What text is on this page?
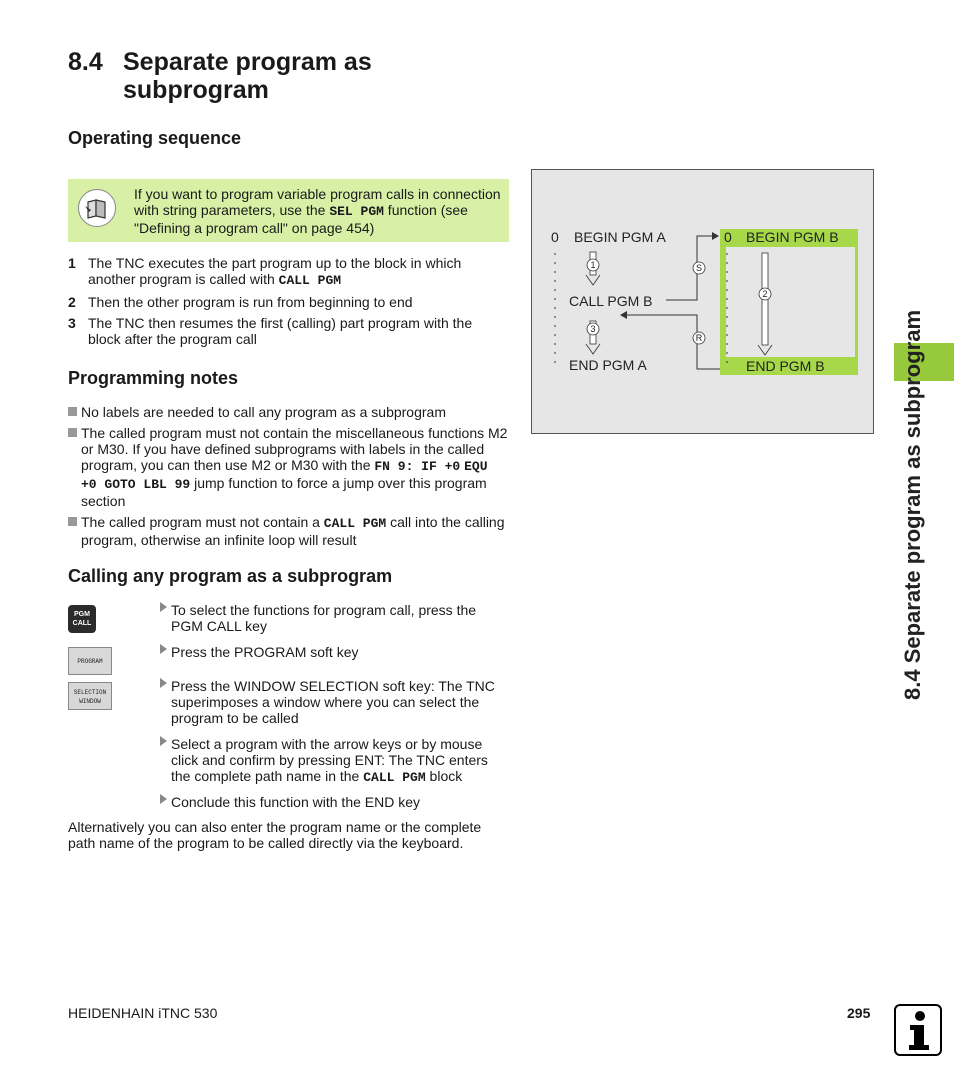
8.4 Separate program as
subprogram
Operating sequence
If you want to program variable program calls in connection with string parameters, use the SEL PGM function (see "Defining a program call" on page 454)
1 The TNC executes the part program up to the block in which another program is called with CALL PGM
2 Then the other program is run from beginning to end
3 The TNC then resumes the first (calling) part program with the block after the program call
Programming notes
No labels are needed to call any program as a subprogram
The called program must not contain the miscellaneous functions M2 or M30. If you have defined subprograms with labels in the called program, you can then use M2 or M30 with the FN 9: IF +0 EQU +0 GOTO LBL 99 jump function to force a jump over this program section
The called program must not contain a CALL PGM call into the calling program, otherwise an infinite loop will result
Calling any program as a subprogram
PGM
CALL
PROGRAM
SELECTION
WINDOW
To select the functions for program call, press the PGM CALL key
Press the PROGRAM soft key
Press the WINDOW SELECTION soft key: The TNC superimposes a window where you can select the program to be called
Select a program with the arrow keys or by mouse click and confirm by pressing ENT: The TNC enters the complete path name in the CALL PGM block
Conclude this function with the END key
Alternatively you can also enter the program name or the complete path name of the program to be called directly via the keyboard.
0 BEGIN PGM A
CALL PGM B
END PGM A
0 BEGIN PGM B
END PGM B
1
3
2
S
R	8.4 Separate program as subprogram
HEIDENHAIN iTNC 530	295
